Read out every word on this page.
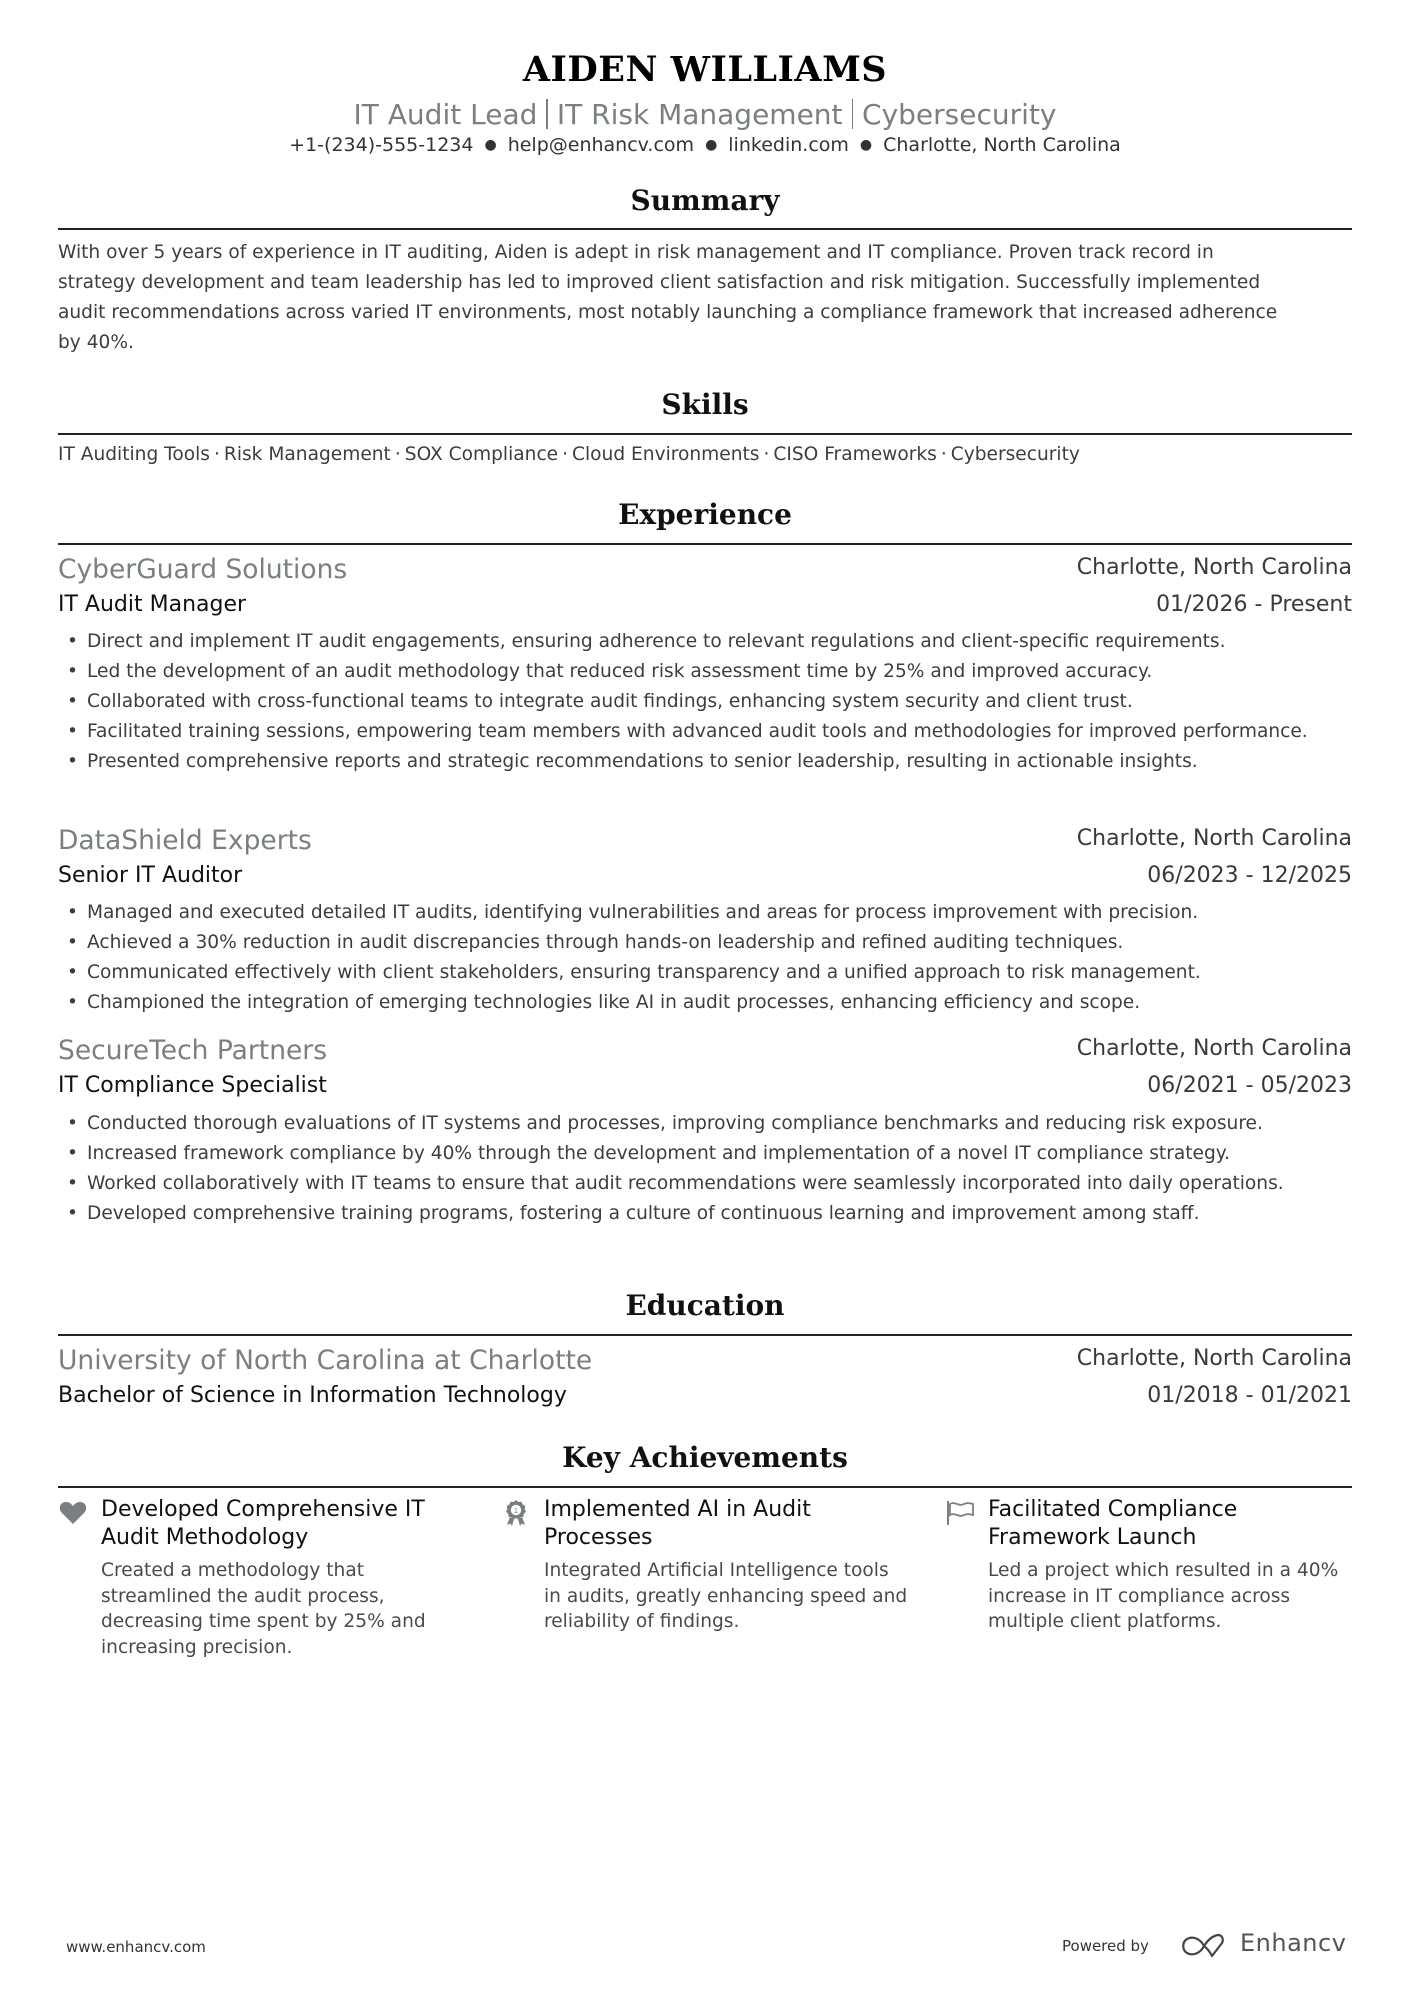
AIDEN WILLIAMS
IT Audit Lead IT Risk Management Cybersecurity
+1-(234)-555-1234 ● help@enhancv.com ● linkedin.com ● Charlotte, North Carolina
Summary
With over 5 years of experience in IT auditing, Aiden is adept in risk management and IT compliance. Proven track record in
strategy development and team leadership has led to improved client satisfaction and risk mitigation. Successfully implemented
audit recommendations across varied IT environments, most notably launching a compliance framework that increased adherence
by 40%.
Skills
IT Auditing Tools · Risk Management · SOX Compliance · Cloud Environments · CISO Frameworks · Cybersecurity
Experience
CyberGuard Solutions	Charlotte, North Carolina
IT Audit Manager	01/2026 - Present
• Direct and implement IT audit engagements, ensuring adherence to relevant regulations and client-specific requirements.
• Led the development of an audit methodology that reduced risk assessment time by 25% and improved accuracy.
• Collaborated with cross-functional teams to integrate audit findings, enhancing system security and client trust.
• Facilitated training sessions, empowering team members with advanced audit tools and methodologies for improved performance.
• Presented comprehensive reports and strategic recommendations to senior leadership, resulting in actionable insights.
DataShield Experts	Charlotte, North Carolina
Senior IT Auditor	06/2023 - 12/2025
• Managed and executed detailed IT audits, identifying vulnerabilities and areas for process improvement with precision.
• Achieved a 30% reduction in audit discrepancies through hands-on leadership and refined auditing techniques.
• Communicated effectively with client stakeholders, ensuring transparency and a unified approach to risk management.
• Championed the integration of emerging technologies like AI in audit processes, enhancing efficiency and scope.
SecureTech Partners	Charlotte, North Carolina
IT Compliance Specialist	06/2021 - 05/2023
• Conducted thorough evaluations of IT systems and processes, improving compliance benchmarks and reducing risk exposure.
• Increased framework compliance by 40% through the development and implementation of a novel IT compliance strategy.
• Worked collaboratively with IT teams to ensure that audit recommendations were seamlessly incorporated into daily operations.
• Developed comprehensive training programs, fostering a culture of continuous learning and improvement among staff.
Education
University of North Carolina at Charlotte	Charlotte, North Carolina
Bachelor of Science in Information Technology	01/2018 - 01/2021
Key Achievements
Developed Comprehensive IT Audit Methodology
Created a methodology that streamlined the audit process, decreasing time spent by 25% and increasing precision.
1 Implemented AI in Audit Processes
Integrated Artificial Intelligence tools in audits, greatly enhancing speed and reliability of findings.
Facilitated Compliance Framework Launch
Led a project which resulted in a 40% increase in IT compliance across multiple client platforms.
www.enhancv.com	Powered by	Enhancv
